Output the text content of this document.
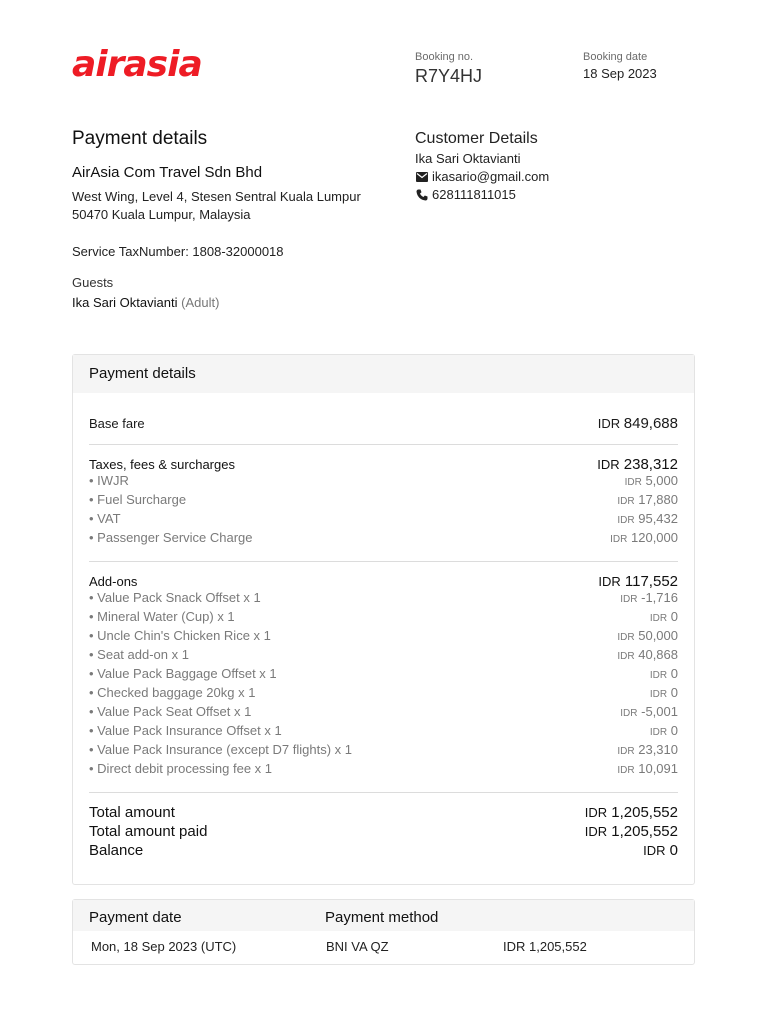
airasia	Booking no.
R7Y4HJ
Booking date
18 Sep 2023
Payment details
AirAsia Com Travel Sdn Bhd
West Wing, Level 4, Stesen Sentral Kuala Lumpur
50470 Kuala Lumpur, Malaysia
Service TaxNumber: 1808-32000018
Guests
Ika Sari Oktavianti (Adult)
Customer Details
Ika Sari Oktavianti
ikasario@gmail.com
628111811015
Payment details
Base fare	IDR 849,688
Taxes, fees & surcharges	IDR 238,312
• IWJR	IDR 5,000
• Fuel Surcharge	IDR 17,880
• VAT	IDR 95,432
• Passenger Service Charge	IDR 120,000
Add-ons	IDR 117,552
• Value Pack Snack Offset x 1	IDR -1,716
• Mineral Water (Cup) x 1	IDR 0
• Uncle Chin's Chicken Rice x 1	IDR 50,000
• Seat add-on x 1	IDR 40,868
• Value Pack Baggage Offset x 1	IDR 0
• Checked baggage 20kg x 1	IDR 0
• Value Pack Seat Offset x 1	IDR -5,001
• Value Pack Insurance Offset x 1	IDR 0
• Value Pack Insurance (except D7 flights) x 1	IDR 23,310
• Direct debit processing fee x 1	IDR 10,091
Total amount	IDR 1,205,552
Total amount paid	IDR 1,205,552
Balance	IDR 0
Payment date	Payment method
Mon, 18 Sep 2023 (UTC)	BNI VA QZ	IDR 1,205,552
